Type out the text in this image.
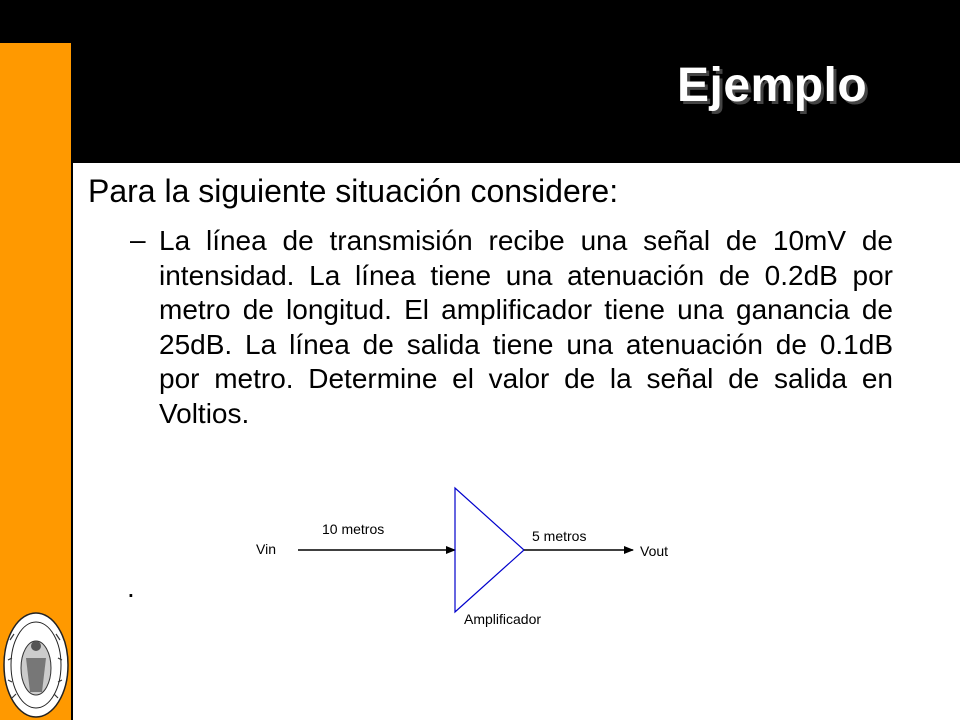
Ejemplo
Para la siguiente situación considere:
– La línea de transmisión recibe una señal de 10mV de intensidad. La línea tiene una atenuación de 0.2dB por metro de longitud. El amplificador tiene una ganancia de 25dB. La línea de salida tiene una atenuación de 0.1dB por metro. Determine el valor de la señal de salida en Voltios.
.
Vin
10 metros	5 metros
Vout
Amplificador
